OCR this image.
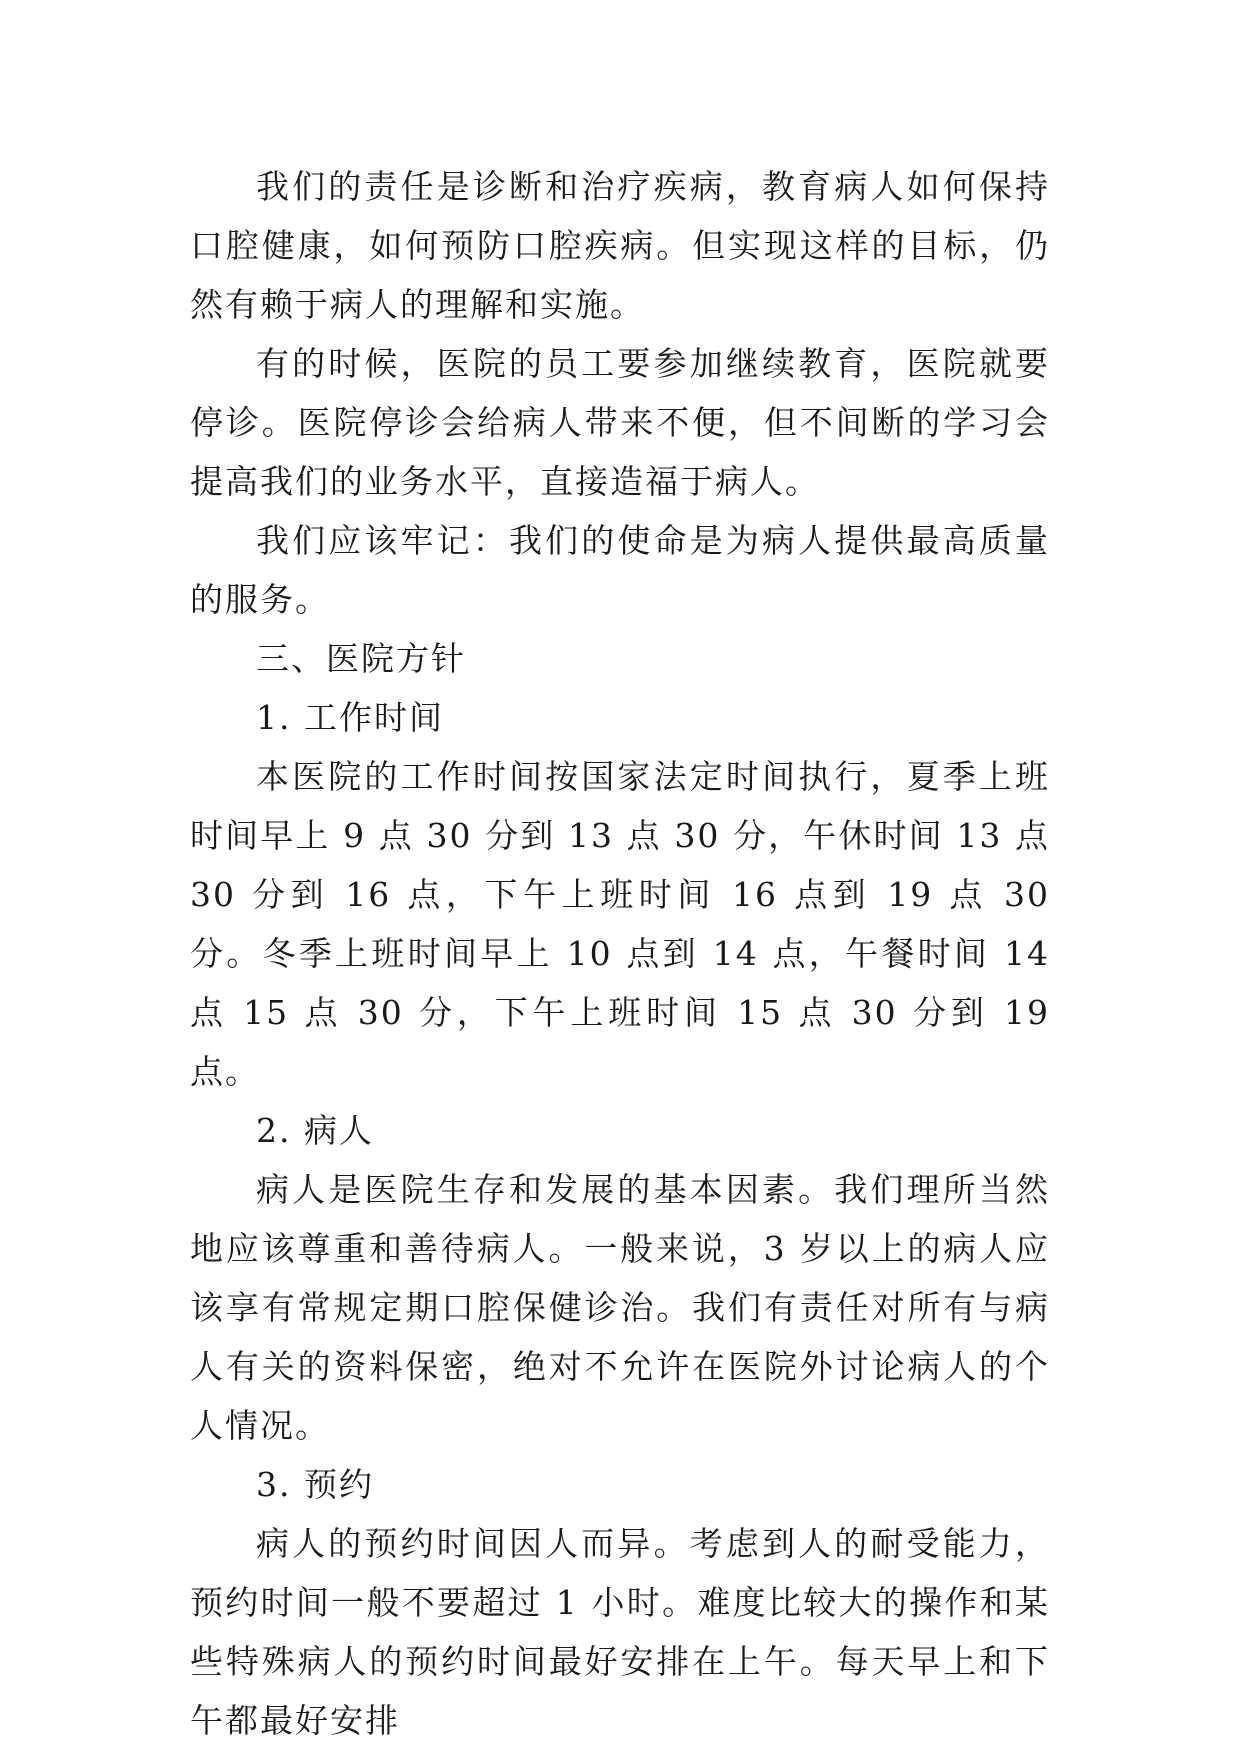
我们的责任是诊断和治疗疾病，教育病人如何保持口腔健康，如何预防口腔疾病。但实现这样的目标，仍然有赖于病人的理解和实施。

有的时候，医院的员工要参加继续教育，医院就要停诊。医院停诊会给病人带来不便，但不间断的学习会提高我们的业务水平，直接造福于病人。

我们应该牢记：我们的使命是为病人提供最高质量的服务。

三、医院方针

1. 工作时间

本医院的工作时间按国家法定时间执行，夏季上班时间早上 9 点 30 分到 13 点 30 分，午休时间 13 点 30 分到 16 点，下午上班时间 16 点到 19 点 30 分。冬季上班时间早上 10 点到 14 点，午餐时间 14 点 15 点 30 分，下午上班时间 15 点 30 分到 19 点。

2. 病人

病人是医院生存和发展的基本因素。我们理所当然地应该尊重和善待病人。一般来说，3 岁以上的病人应该享有常规定期口腔保健诊治。我们有责任对所有与病人有关的资料保密，绝对不允许在医院外讨论病人的个人情况。

3. 预约

病人的预约时间因人而异。考虑到人的耐受能力，预约时间一般不要超过 1 小时。难度比较大的操作和某些特殊病人的预约时间最好安排在上午。每天早上和下午都最好安排
